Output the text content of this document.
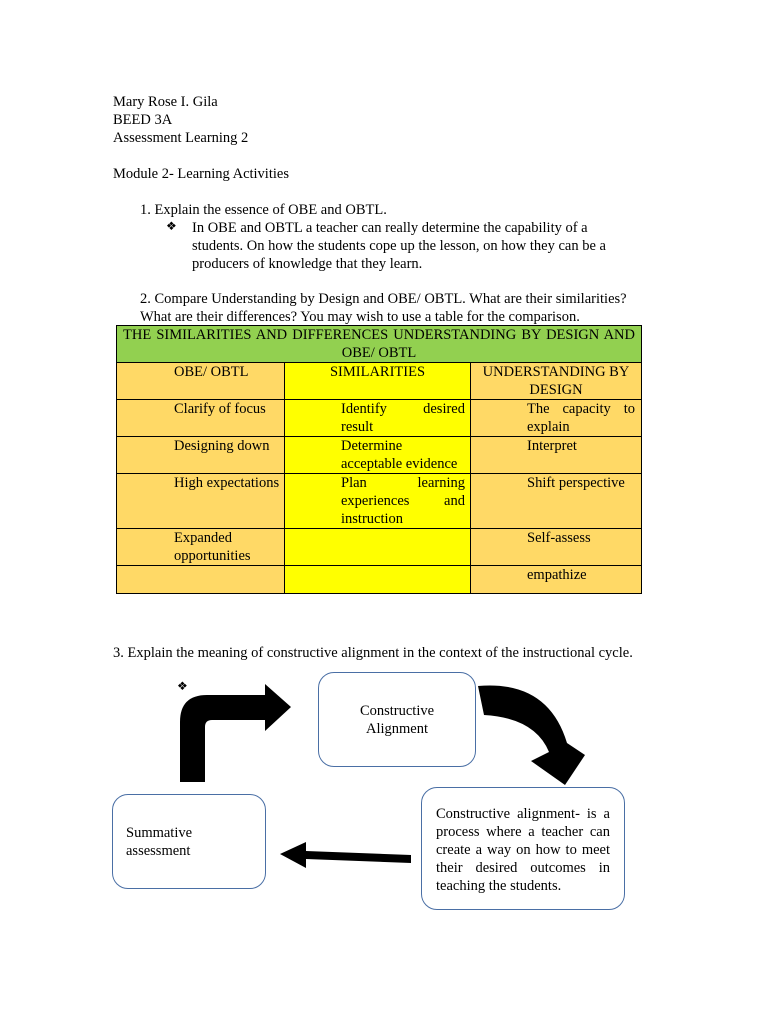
Mary Rose I. Gila
BEED 3A
Assessment Learning 2
Module 2- Learning Activities
1. Explain the essence of OBE and OBTL.
❖ In OBE and OBTL a teacher can really determine the capability of a
students. On how the students cope up the lesson, on how they can be a
producers of knowledge that they learn.
2. Compare Understanding by Design and OBE/ OBTL. What are their similarities?
What are their differences? You may wish to use a table for the comparison.
THE SIMILARITIES AND DIFFERENCES UNDERSTANDING BY DESIGN AND OBE/ OBTL		
OBE/ OBTL	SIMILARITIES	UNDERSTANDING BY DESIGN
Clarify of focus	Identify desired result	The capacity to explain
Designing down	Determine acceptable evidence	Interpret
High expectations	Plan learning experiences and instruction	Shift perspective
Expanded opportunities		Self-assess
		empathize
3. Explain the meaning of constructive alignment in the context of the instructional cycle.
❖
Constructive Alignment
Constructive alignment- is a process where a teacher can create a way on how to meet their desired outcomes in teaching the students.
Summative assessment
